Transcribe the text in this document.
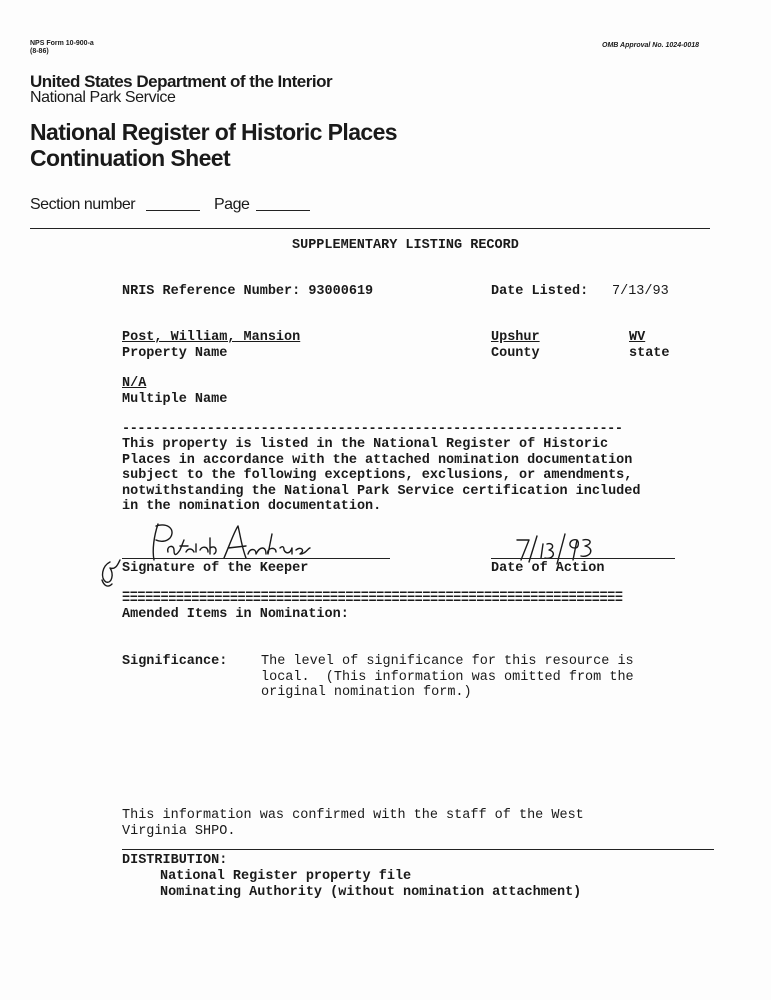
NPS Form 10-900-a
(8-86)
OMB Approval No. 1024-0018
United States Department of the Interior
National Park Service
National Register of Historic Places
Continuation Sheet
Section number	Page
SUPPLEMENTARY LISTING RECORD
NRIS Reference Number: 93000619	Date Listed: 7/13/93
Post, William, Mansion	Upshur	WV
Property Name	County	state
N/A
Multiple Name
-----------------------------------------------------------------
This property is listed in the National Register of Historic
Places in accordance with the attached nomination documentation
subject to the following exceptions, exclusions, or amendments,
notwithstanding the National Park Service certification included
in the nomination documentation.
Signature of the Keeper	Date of Action
=================================================================
=================================================================
Amended Items in Nomination:
Significance: The level of significance for this resource is
local.  (This information was omitted from the
original nomination form.)
This information was confirmed with the staff of the West
Virginia SHPO.
DISTRIBUTION:
National Register property file
Nominating Authority (without nomination attachment)
